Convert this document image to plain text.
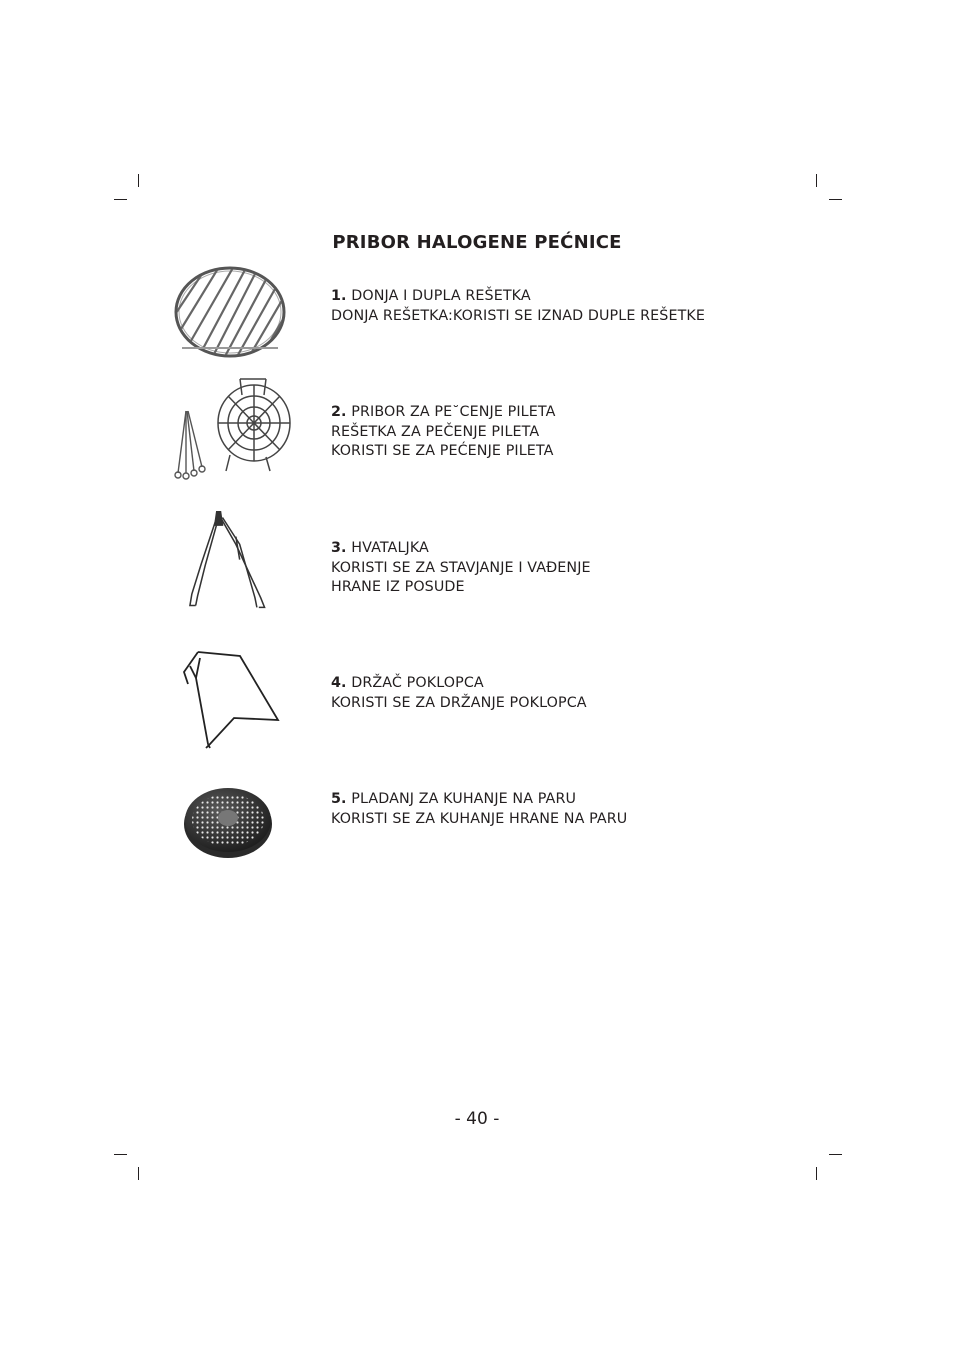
PRIBOR HALOGENE PEĆNICE
1. DONJA I DUPLA REŠETKA
DONJA REŠETKA:KORISTI SE IZNAD DUPLE REŠETKE
2. PRIBOR ZA PE˘CENJE PILETA
REŠETKA ZA PEČENJE PILETA
KORISTI SE ZA PEĆENJE PILETA
3. HVATALJKA
KORISTI SE ZA STAVJANJE I VAĐENJE
HRANE IZ POSUDE
4. DRŽAČ POKLOPCA
KORISTI SE ZA DRŽANJE POKLOPCA
5. PLADANJ ZA KUHANJE NA PARU
KORISTI SE ZA KUHANJE HRANE NA PARU
- 40 -
